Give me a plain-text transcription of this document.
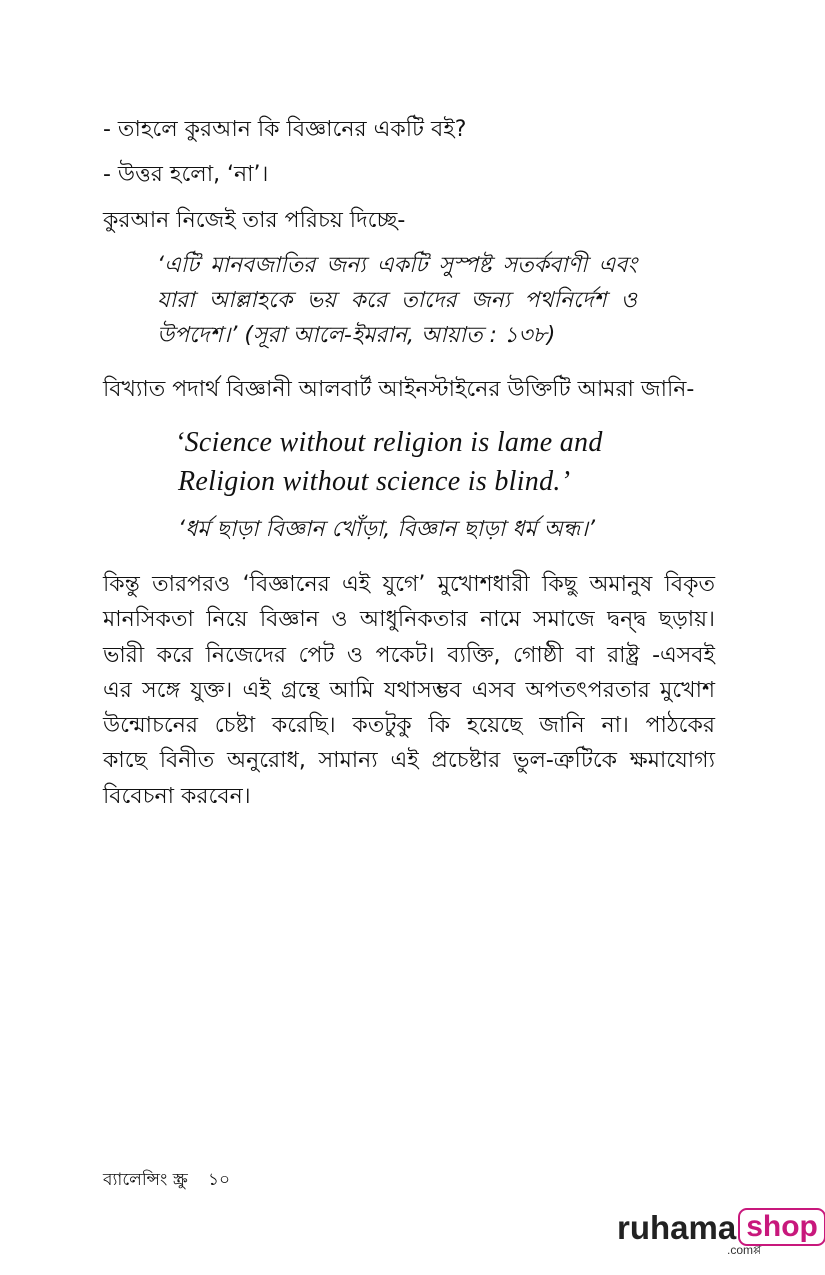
- তাহলে কুরআন কি বিজ্ঞানের একটি বই?
- উত্তর হলো, ‘না’।
কুরআন নিজেই তার পরিচয় দিচ্ছে-
‘এটি মানবজাতির জন্য একটি সুস্পষ্ট সতর্কবাণী এবং
যারা আল্লাহকে ভয় করে তাদের জন্য পথনির্দেশ ও
উপদেশ।’ (সূরা আলে-ইমরান, আয়াত : ১৩৮)
বিখ্যাত পদার্থ বিজ্ঞানী আলবার্ট আইনস্টাইনের উক্তিটি আমরা জানি-
‘Science without religion is lame and
Religion without science is blind.’
‘ধর্ম ছাড়া বিজ্ঞান খোঁড়া, বিজ্ঞান ছাড়া ধর্ম অন্ধ।’
কিন্তু তারপরও ‘বিজ্ঞানের এই যুগে’ মুখোশধারী কিছু অমানুষ বিকৃত
মানসিকতা নিয়ে বিজ্ঞান ও আধুনিকতার নামে সমাজে দ্বন্দ্ব ছড়ায়।
ভারী করে নিজেদের পেট ও পকেট। ব্যক্তি, গোষ্ঠী বা রাষ্ট্র -এসবই
এর সঙ্গে যুক্ত। এই গ্রন্থে আমি যথাসম্ভব এসব অপতৎপরতার মুখোশ
উন্মোচনের চেষ্টা করেছি। কতটুকু কি হয়েছে জানি না। পাঠকের
কাছে বিনীত অনুরোধ, সামান্য এই প্রচেষ্টার ভুল-ত্রুটিকে ক্ষমাযোগ্য
বিবেচনা করবেন।
ব্যালেন্সিং স্ক্রু ১০
ruhama shop
.comপ্প
